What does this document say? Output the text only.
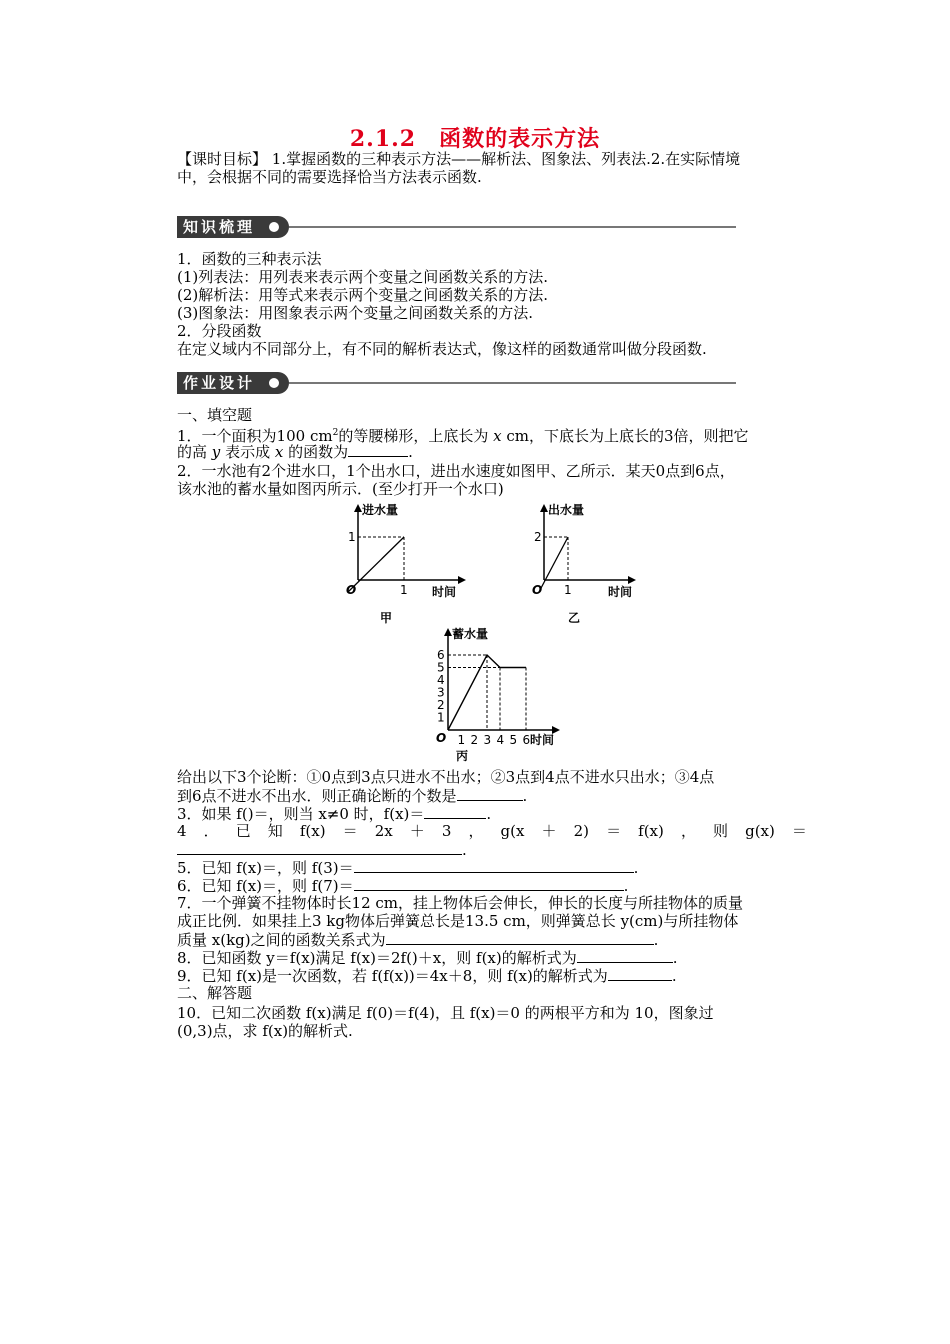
2.1.2　函数的表示方法
【课时目标】 1.掌握函数的三种表示方法——解析法、图象法、列表法.2.在实际情境
中，会根据不同的需要选择恰当方法表示函数.
知识梳理
1．函数的三种表示法
(1)列表法：用列表来表示两个变量之间函数关系的方法.
(2)解析法：用等式来表示两个变量之间函数关系的方法.
(3)图象法：用图象表示两个变量之间函数关系的方法.
2．分段函数
在定义域内不同部分上，有不同的解析表达式，像这样的函数通常叫做分段函数.
作业设计
一、填空题
1．一个面积为100 $cm^2$的等腰梯形，上底长为 x cm，下底长为上底长的3倍，则把它
的高 y 表示成 x 的函数为	.
2．一水池有2个进水口，1个出水口，进出水速度如图甲、乙所示．某天0点到6点，
该水池的蓄水量如图丙所示．(至少打开一个水口)
进水量
时间
O
1
1
甲
出水量
时间
O
2
1
乙
蓄水量
时间
O
丙
1
2
3
4
5
6
1 2 3 4 5 6
给出以下3个论断：①0点到3点只进水不出水；②3点到4点不进水只出水；③4点
到6点不进水不出水．则正确论断的个数是	.
3．如果 f()＝，则当 x≠0 时，f(x)＝	.
4 ． 已 知 f(x) ＝ 2x ＋ 3 ， g(x ＋ 2) ＝ f(x) ， 则 g(x) ＝
.
5．已知 f(x)＝，则 f(3)＝	.
6．已知 f(x)＝，则 f(7)＝	.
7．一个弹簧不挂物体时长12 cm，挂上物体后会伸长，伸长的长度与所挂物体的质量
成正比例．如果挂上3 kg物体后弹簧总长是13.5 cm，则弹簧总长 y(cm)与所挂物体
质量 x(kg)之间的函数关系式为	.
8．已知函数 y＝f(x)满足 f(x)＝2f()＋x，则 f(x)的解析式为	.
9．已知 f(x)是一次函数，若 f(f(x))＝4x＋8，则 f(x)的解析式为	.
二、解答题
10．已知二次函数 f(x)满足 f(0)＝f(4)，且 f(x)＝0 的两根平方和为 10，图象过
(0,3)点，求 f(x)的解析式.
